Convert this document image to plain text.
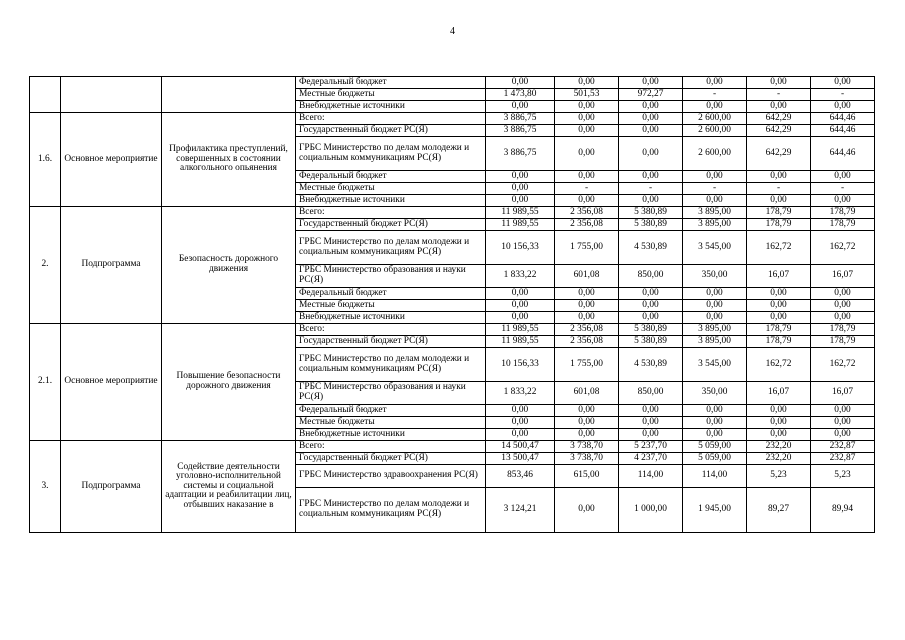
4
			Федеральный бюджет	0,00	0,00	0,00	0,00	0,00	0,00
			Местные бюджеты	1 473,80	501,53	972,27	-	-	-
			Внебюджетные источники	0,00	0,00	0,00	0,00	0,00	0,00
1.6.	Основное мероприятие	Профилактика преступлений, совершенных в состоянии алкогольного опьянения	Всего:	3 886,75	0,00	0,00	2 600,00	642,29	644,46
			Государственный бюджет РС(Я)	3 886,75	0,00	0,00	2 600,00	642,29	644,46
			ГРБС Министерство по делам молодежи и социальным коммуникациям РС(Я)	3 886,75	0,00	0,00	2 600,00	642,29	644,46
			Федеральный бюджет	0,00	0,00	0,00	0,00	0,00	0,00
			Местные бюджеты	0,00	-	-	-	-	-
			Внебюджетные источники	0,00	0,00	0,00	0,00	0,00	0,00
2.	Подпрограмма	Безопасность дорожного движения	Всего:	11 989,55	2 356,08	5 380,89	3 895,00	178,79	178,79
			Государственный бюджет РС(Я)	11 989,55	2 356,08	5 380,89	3 895,00	178,79	178,79
			ГРБС Министерство по делам молодежи и социальным коммуникациям РС(Я)	10 156,33	1 755,00	4 530,89	3 545,00	162,72	162,72
			ГРБС Министерство образования и науки РС(Я)	1 833,22	601,08	850,00	350,00	16,07	16,07
			Федеральный бюджет	0,00	0,00	0,00	0,00	0,00	0,00
			Местные бюджеты	0,00	0,00	0,00	0,00	0,00	0,00
			Внебюджетные источники	0,00	0,00	0,00	0,00	0,00	0,00
2.1.	Основное мероприятие	Повышение безопасности дорожного движения	Всего:	11 989,55	2 356,08	5 380,89	3 895,00	178,79	178,79
			Государственный бюджет РС(Я)	11 989,55	2 356,08	5 380,89	3 895,00	178,79	178,79
			ГРБС Министерство по делам молодежи и социальным коммуникациям РС(Я)	10 156,33	1 755,00	4 530,89	3 545,00	162,72	162,72
			ГРБС Министерство образования и науки РС(Я)	1 833,22	601,08	850,00	350,00	16,07	16,07
			Федеральный бюджет	0,00	0,00	0,00	0,00	0,00	0,00
			Местные бюджеты	0,00	0,00	0,00	0,00	0,00	0,00
			Внебюджетные источники	0,00	0,00	0,00	0,00	0,00	0,00
3.	Подпрограмма	Содействие деятельности уголовно-исполнительной системы и социальной адаптации и реабилитации лиц, отбывших наказание в	Всего:	14 500,47	3 738,70	5 237,70	5 059,00	232,20	232,87
			Государственный бюджет РС(Я)	13 500,47	3 738,70	4 237,70	5 059,00	232,20	232,87
			ГРБС Министерство здравоохранения РС(Я)	853,46	615,00	114,00	114,00	5,23	5,23
			ГРБС Министерство по делам молодежи и социальным коммуникациям РС(Я)	3 124,21	0,00	1 000,00	1 945,00	89,27	89,94
